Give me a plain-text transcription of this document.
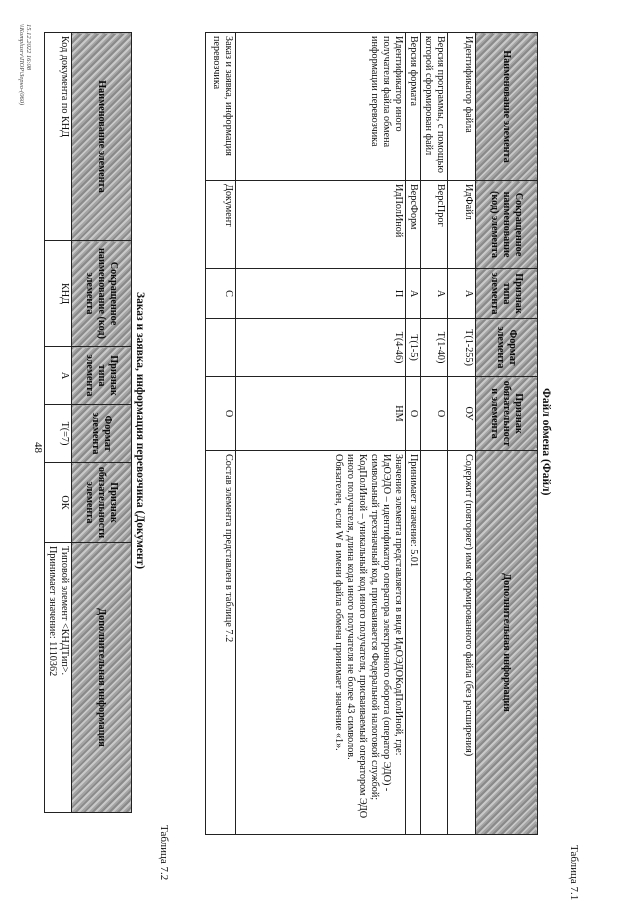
48
Таблица 7.1
Файл обмена (Файл)
Наименование элемента	Сокращенное наименование (код) элемента	Признак типа элемента	Формат элемента	Признак обязательности элемента	Дополнительная информация
Идентификатор файла	ИдФайл	А	Т(1-255)	ОУ	Содержит (повторяет) имя сформированного файла (без расширения)
Версия программы, с помощью которой сформирован файл	ВерсПрог	А	Т(1-40)	О	
Версия формата	ВерсФорм	А	Т(1-5)	О	Принимает значение: 5.01
Идентификатор иного получателя файла обмена информации перевозчика	ИдПолИной	П	Т(4-46)	НМ	Значение элемента представляется в виде ИдОЭДОКодПолИной, где:
ИдОЭДО – идентификатор оператора электронного оборота (оператор ЭДО) - символьный трехзначный код, присваивается Федеральной налоговой службой;
КодПолИной – уникальный код иного получателя, присваиваемый оператором ЭДО иного получателя, длина кода иного получателя не более 43 символов.
Обязателен, если W в имени файла обмена принимает значение «1».
Заказ и заявка, информация перевозчика	Документ	С		О	Состав элемента представлен в таблице 7.2
Таблица 7.2
Заказ и заявка, информация перевозчика (Документ)
Наименование элемента	Сокращенное наименование (код) элемента	Признак типа элемента	Формат элемента	Признак обязательности элемента	Дополнительная информация
Код документа по КНД	КНД	А	Т(=7)	ОК	Типовой элемент <КНДТип>.
Принимает значение: 1110362
15.12.2022 16:08
\\Komplusrv\ПОР\Зерно-(060)
